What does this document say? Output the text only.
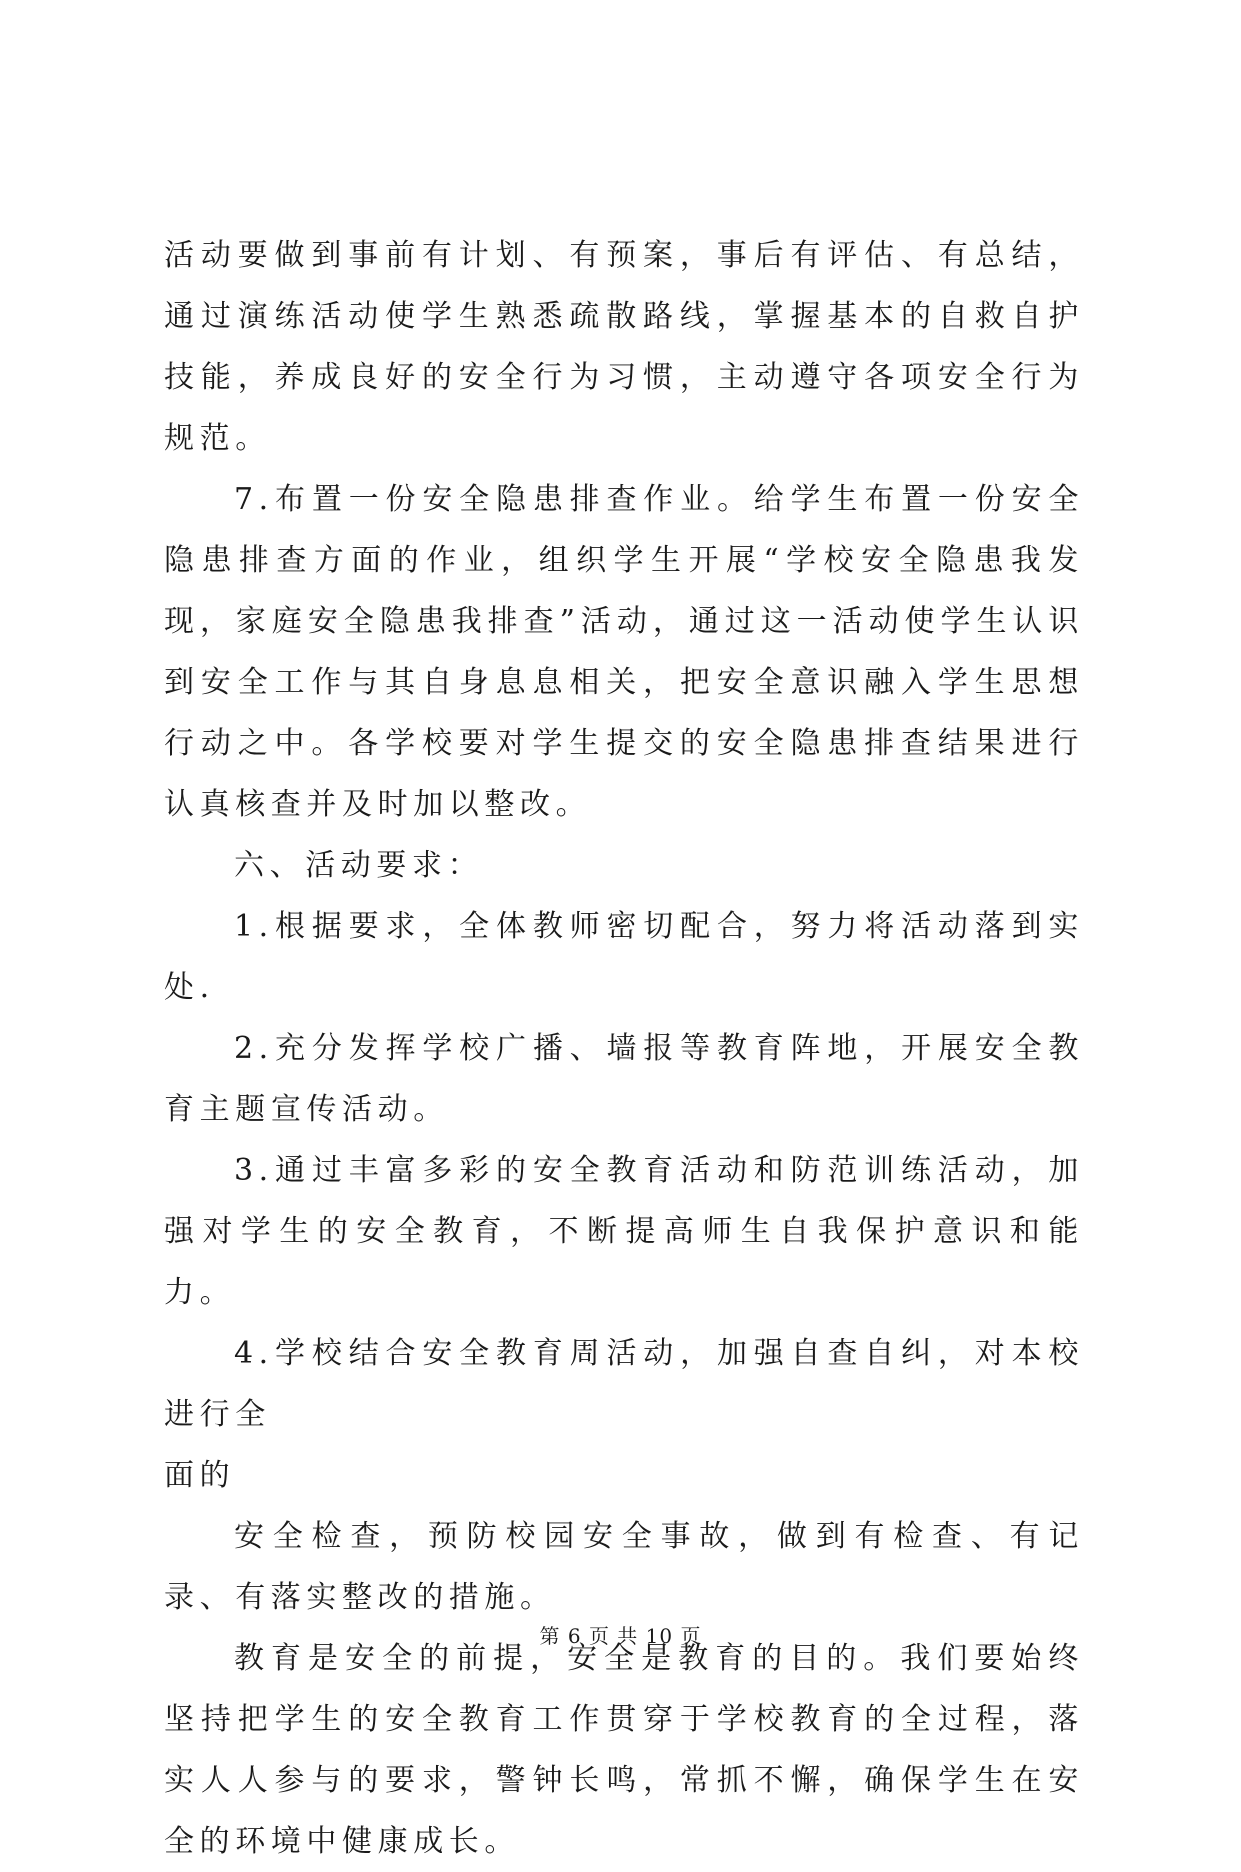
活动要做到事前有计划、有预案，事后有评估、有总结，通过演练活动使学生熟悉疏散路线，掌握基本的自救自护技能，养成良好的安全行为习惯，主动遵守各项安全行为规范。

7.布置一份安全隐患排查作业。给学生布置一份安全隐患排查方面的作业，组织学生开展“学校安全隐患我发现，家庭安全隐患我排查”活动，通过这一活动使学生认识到安全工作与其自身息息相关，把安全意识融入学生思想行动之中。各学校要对学生提交的安全隐患排查结果进行认真核查并及时加以整改。

六、活动要求：

1.根据要求，全体教师密切配合，努力将活动落到实处.

2.充分发挥学校广播、墙报等教育阵地，开展安全教育主题宣传活动。

3.通过丰富多彩的安全教育活动和防范训练活动，加强对学生的安全教育，不断提高师生自我保护意识和能力。

4.学校结合安全教育周活动，加强自查自纠，对本校进行全
面的

安全检查，预防校园安全事故，做到有检查、有记录、有落实整改的措施。

教育是安全的前提，安全是教育的目的。我们要始终坚持把学生的安全教育工作贯穿于学校教育的全过程，落实人人参与的要求，警钟长鸣，常抓不懈，确保学生在安全的环境中健康成长。

第 6 页 共 10 页
